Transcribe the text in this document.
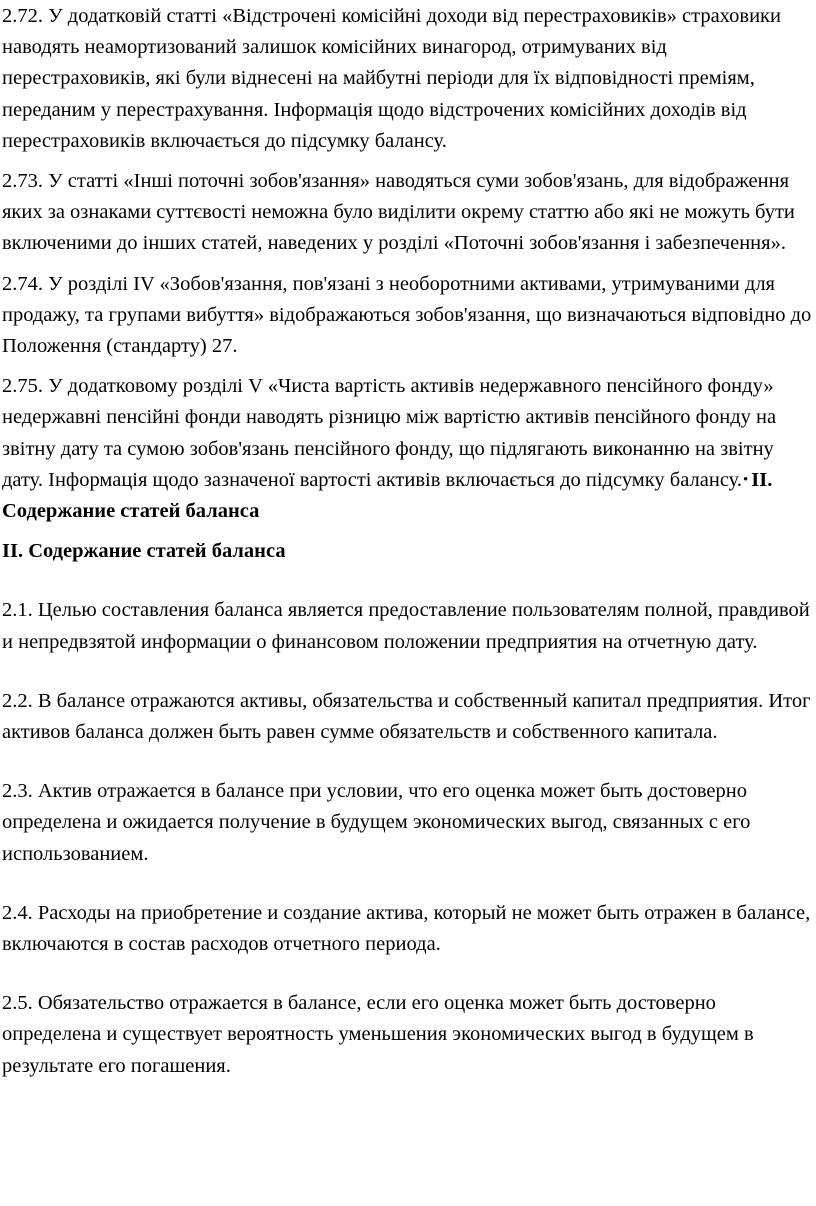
2.72. У додатковій статті «Відстрочені комісійні доходи від перестраховиків» страховики наводять неамортизований залишок комісійних винагород, отримуваних від перестраховиків, які були віднесені на майбутні періоди для їх відповідності преміям, переданим у перестрахування. Інформація щодо відстрочених комісійних доходів від перестраховиків включається до підсумку балансу.

2.73. У статті «Інші поточні зобов'язання» наводяться суми зобов'язань, для відображення яких за ознаками суттєвості неможна було виділити окрему статтю або які не можуть бути включеними до інших статей, наведених у розділі «Поточні зобов'язання і забезпечення».

2.74. У розділі IV «Зобов'язання, пов'язані з необоротними активами, утримуваними для продажу, та групами вибуття» відображаються зобов'язання, що визначаються відповідно до Положення (стандарту) 27.

2.75. У додатковому розділі V «Чиста вартість активів недержавного пенсійного фонду» недержавні пенсійні фонди наводять різницю між вартістю активів пенсійного фонду на звітну дату та сумою зобов'язань пенсійного фонду, що підлягають виконанню на звітну дату. Інформація щодо зазначеної вартості активів включається до підсумку балансу.• II. Содержание статей баланса

II. Содержание статей баланса

2.1. Целью составления баланса является предоставление пользователям полной, правдивой и непредвзятой информации о финансовом положении предприятия на отчетную дату.

2.2. В балансе отражаются активы, обязательства и собственный капитал предприятия. Итог активов баланса должен быть равен сумме обязательств и собственного капитала.

2.3. Актив отражается в балансе при условии, что его оценка может быть достоверно определена и ожидается получение в будущем экономических выгод, связанных с его использованием.

2.4. Расходы на приобретение и создание актива, который не может быть отражен в балансе, включаются в состав расходов отчетного периода.

2.5. Обязательство отражается в балансе, если его оценка может быть достоверно определена и существует вероятность уменьшения экономических выгод в будущем в результате его погашения.
